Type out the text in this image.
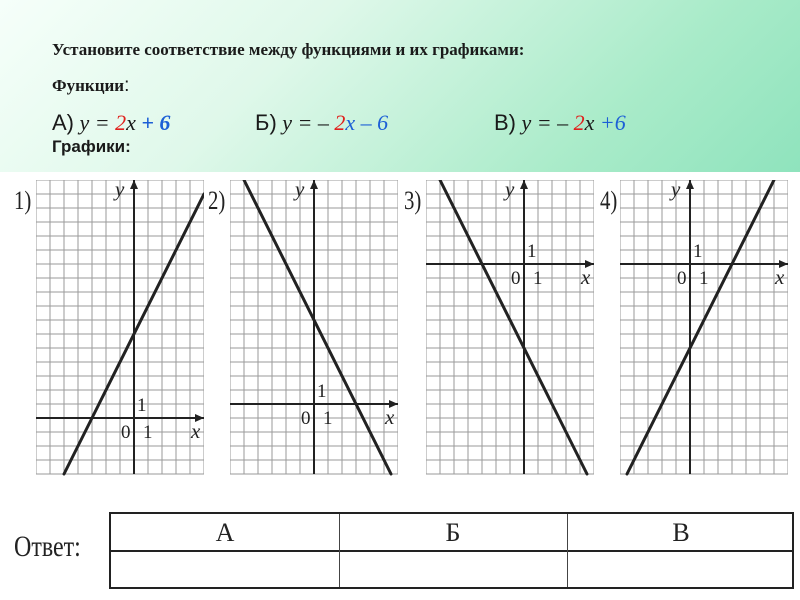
Установите соответствие между функциями и их графиками:
Функции:
А) y = 2x + 6	Б) y = – 2x – 6	В) y = – 2x +6
Графики:
1)	2)	3)	4)
0 1
1
x
y
0 1
1
x
y
0 1
1
x
y
0 1
1
x
y
Ответ:	А	Б	В
